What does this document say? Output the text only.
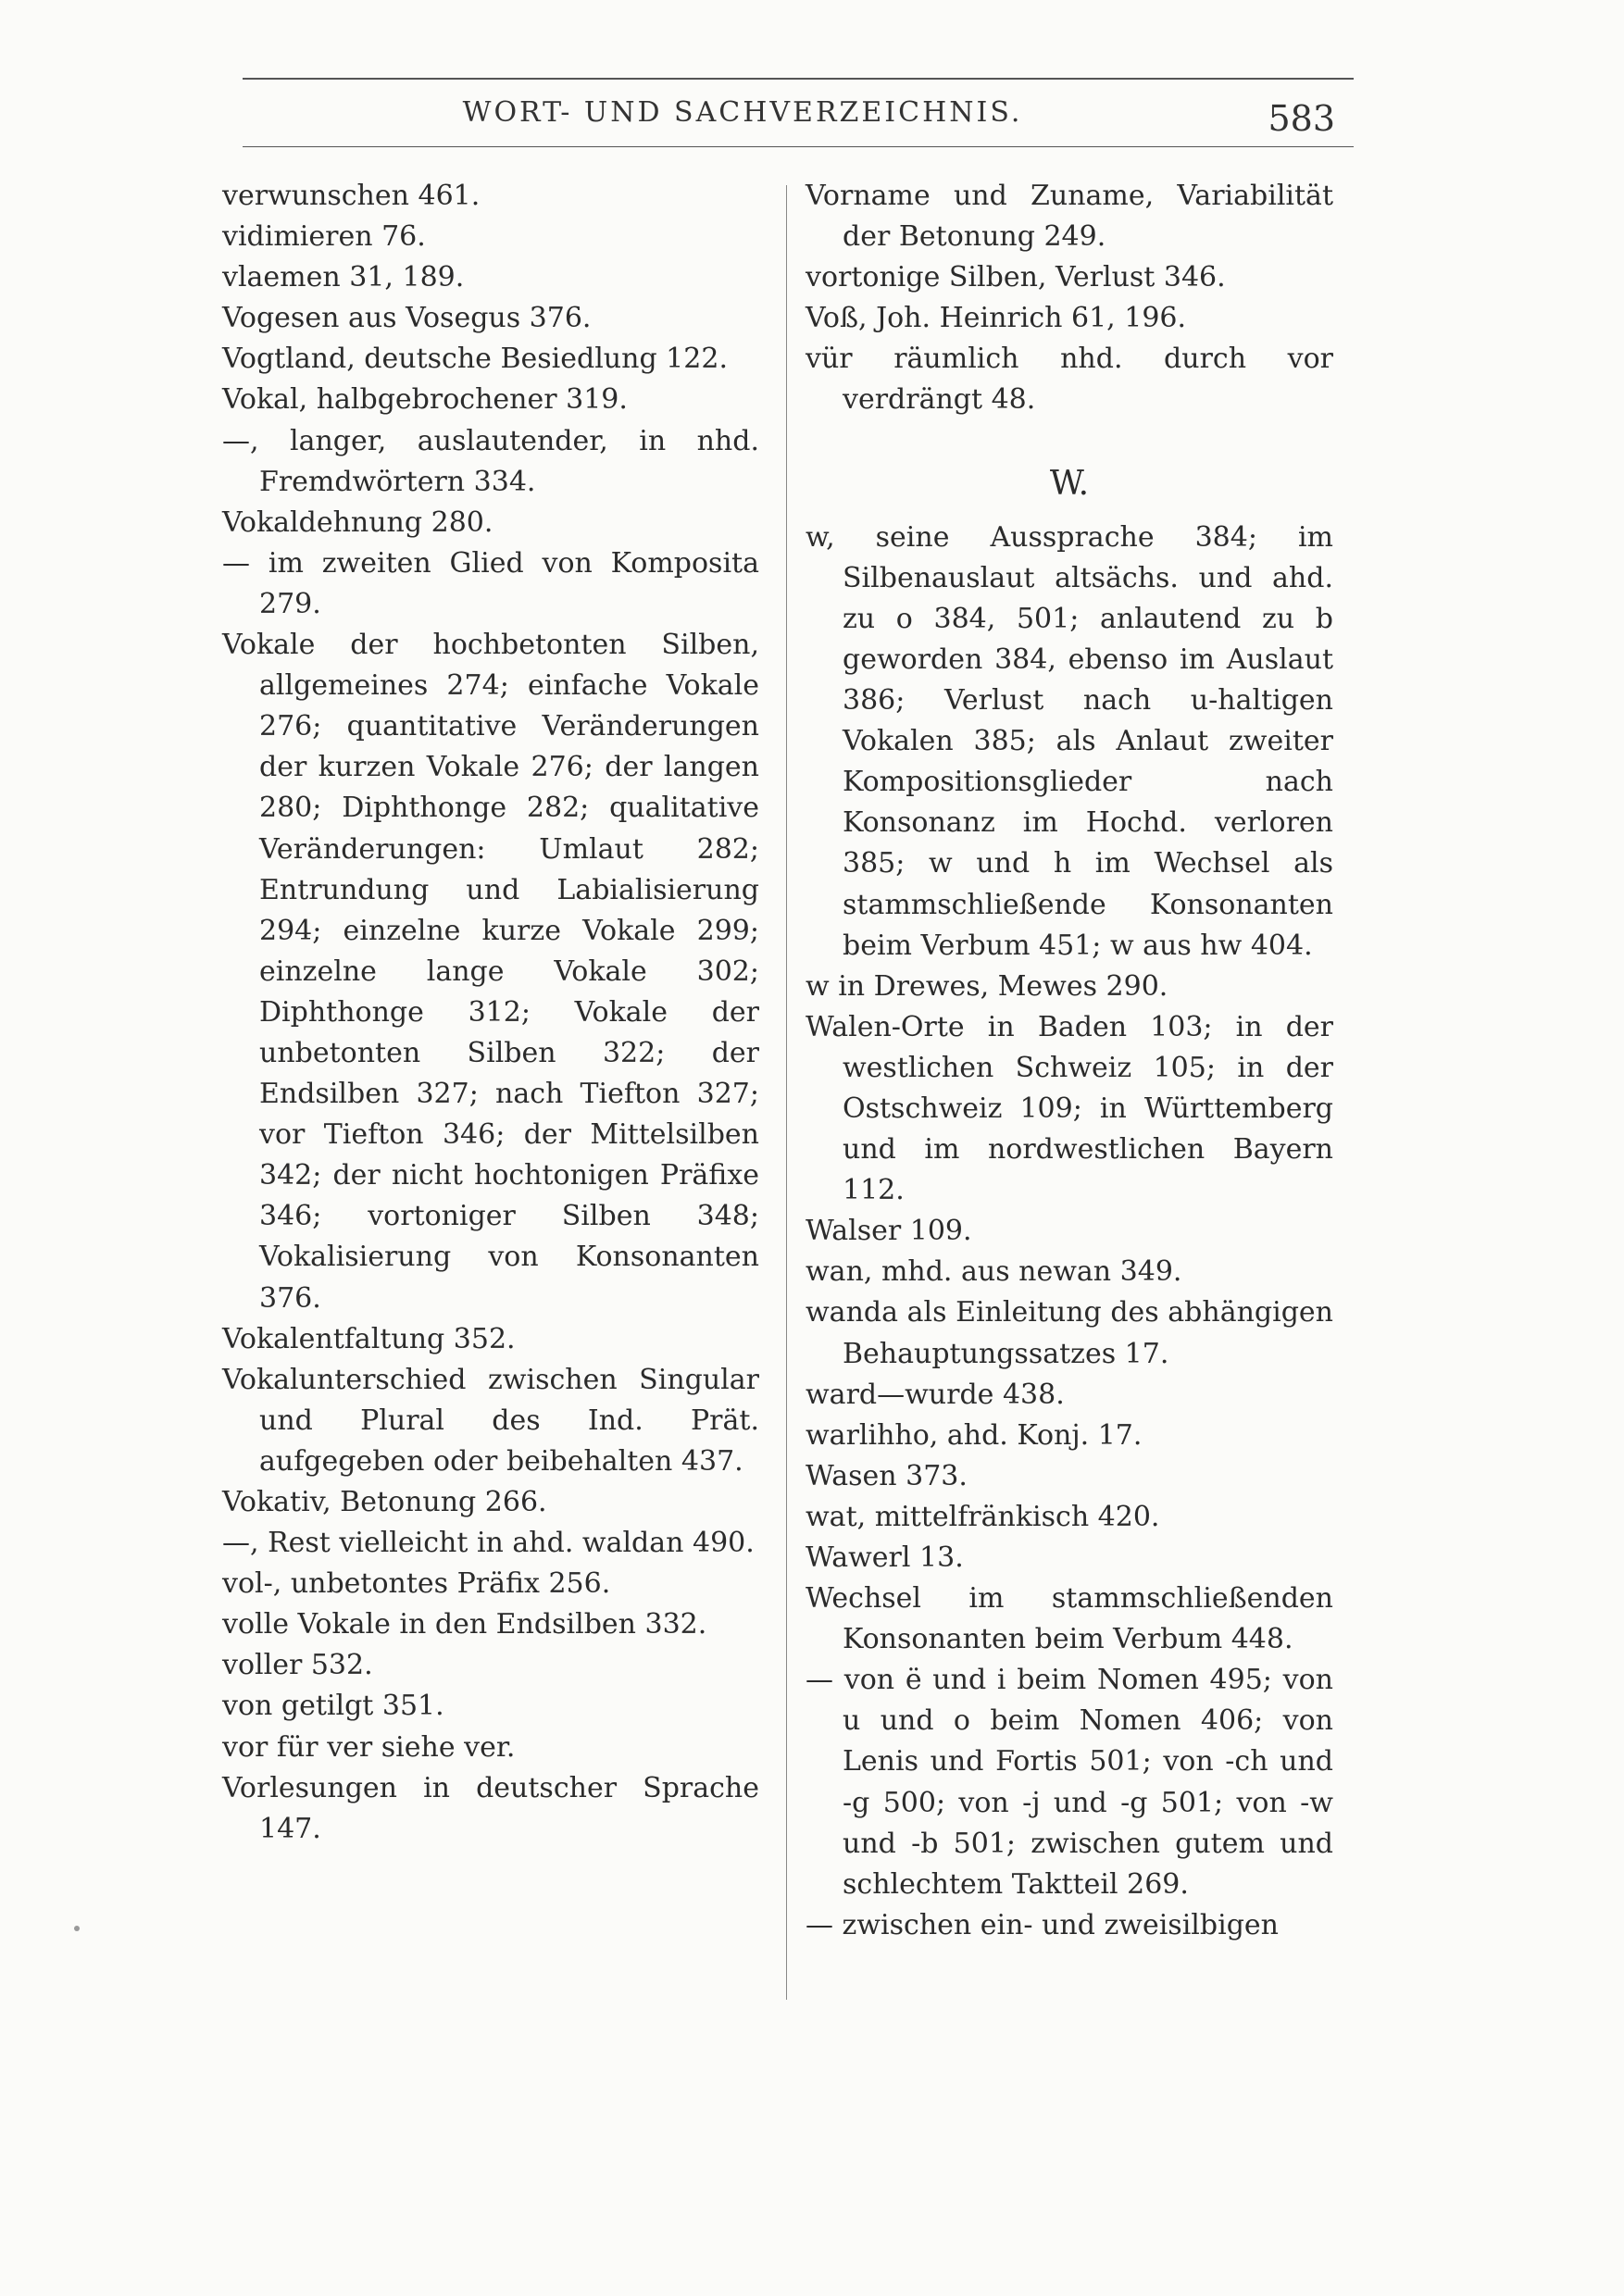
WORT- UND SACHVERZEICHNIS.	583

verwunschen 461.

vidimieren 76.

vlaemen 31, 189.

Vogesen aus Vosegus 376.

Vogtland, deutsche Besiedlung 122.

Vokal, halbgebrochener 319.

—, langer, auslautender, in nhd. Fremdwörtern 334.

Vokaldehnung 280.

— im zweiten Glied von Komposita 279.

Vokale der hochbetonten Silben, allgemeines 274; einfache Vokale 276; quantitative Veränderungen der kurzen Vokale 276; der langen 280; Diphthonge 282; qualitative Veränderungen: Umlaut 282; Entrundung und Labialisierung 294; einzelne kurze Vokale 299; einzelne lange Vokale 302; Diphthonge 312; Vokale der unbetonten Silben 322; der Endsilben 327; nach Tiefton 327; vor Tiefton 346; der Mittelsilben 342; der nicht hochtonigen Präfixe 346; vortoniger Silben 348; Vokalisierung von Konsonanten 376.

Vokalentfaltung 352.

Vokalunterschied zwischen Singular und Plural des Ind. Prät. aufgegeben oder beibehalten 437.

Vokativ, Betonung 266.

—, Rest vielleicht in ahd. waldan 490.

vol-, unbetontes Präfix 256.

volle Vokale in den Endsilben 332.

voller 532.

von getilgt 351.

vor für ver siehe ver.

Vorlesungen in deutscher Sprache 147.

Vorname und Zuname, Variabilität der Betonung 249.

vortonige Silben, Verlust 346.

Voß, Joh. Heinrich 61, 196.

vür räumlich nhd. durch vor verdrängt 48.

W.

w, seine Aussprache 384; im Silbenauslaut altsächs. und ahd. zu o 384, 501; anlautend zu b geworden 384, ebenso im Auslaut 386; Verlust nach u-haltigen Vokalen 385; als Anlaut zweiter Kompositionsglieder nach Konsonanz im Hochd. verloren 385; w und h im Wechsel als stammschließende Konsonanten beim Verbum 451; w aus hw 404.

w in Drewes, Mewes 290.

Walen-Orte in Baden 103; in der westlichen Schweiz 105; in der Ostschweiz 109; in Württemberg und im nordwestlichen Bayern 112.

Walser 109.

wan, mhd. aus newan 349.

wanda als Einleitung des abhängigen Behauptungssatzes 17.

ward—wurde 438.

warlihho, ahd. Konj. 17.

Wasen 373.

wat, mittelfränkisch 420.

Wawerl 13.

Wechsel im stammschließenden Konsonanten beim Verbum 448.

— von ë und i beim Nomen 495; von u und o beim Nomen 406; von Lenis und Fortis 501; von -ch und -g 500; von -j und -g 501; von -w und -b 501; zwischen gutem und schlechtem Taktteil 269.

— zwischen ein- und zweisilbigen
